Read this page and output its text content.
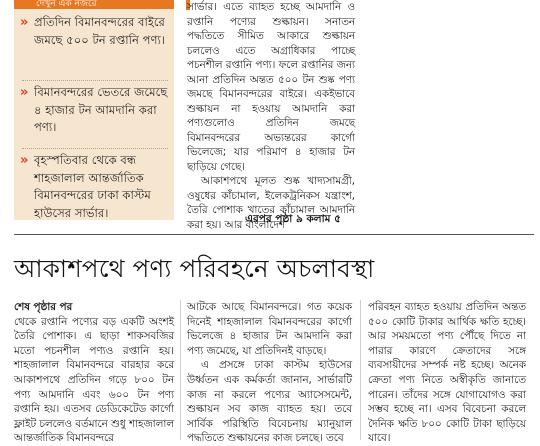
দেখুন এক নজরে
» প্রতিদিন বিমানবন্দরের বাইরে জমছে ৫০০ টন রপ্তানি পণ্য।
» বিমানবন্দরের ভেতরে জমেছে ৪ হাজার টন আমদানি করা পণ্য।
» বৃহস্পতিবার থেকে বন্ধ শাহজালাল আন্তর্জাতিক বিমানবন্দরের ঢাকা কাস্টম হাউসের সার্ভার।

সার্ভার। এতে ব্যাহত হচ্ছে আমদানি ও রপ্তানি পণ্যের শুল্কায়ন। সনাতন পদ্ধতিতে সীমিত আকারে শুল্কায়ন চললেও এতে অগ্রাধিকার পাচ্ছে পচনশীল রপ্তানি পণ্য। ফলে রপ্তানির জন্য আনা প্রতিদিন অন্তত ৫০০ টন শুষ্ক পণ্য জমছে বিমানবন্দরের বাইরে। একইভাবে শুল্কায়ন না হওয়ায় আমদানি করা পণ্যগুলোও প্রতিদিন জমছে বিমানবন্দরের অভ্যন্তরের কার্গো ভিলেজে; যার পরিমাণ ৪ হাজার টন ছাড়িয়ে গেছে।

আকাশপথে মূলত শুষ্ক খাদ্যসামগ্রী, ওষুধের কাঁচামাল, ইলেকট্রনিকস যন্ত্রাংশ, তৈরি পোশাক খাতের কাঁচামাল আমদানি করা হয়। আর বাংলাদেশ

এরপর পৃষ্ঠা ৯ কলাম ৫
আকাশপথে পণ্য পরিবহনে অচলাবস্থা
শেষ পৃষ্ঠার পর

থেকে রপ্তানি পণ্যের বড় একটি অংশই তৈরি পোশাক। এ ছাড়া শাকসবজির মতো পচনশীল পণ্যও রপ্তানি হয়। শাহজালাল বিমানবন্দরে বারহার করে আকাশপথে প্রতিদিন গড়ে ৮০০ টন পণ্য আমদানি এবং ৬০০ টন পণ্য রপ্তানি হয়। এতসব ডেডিকেটেড কার্গো ফ্লাইট চললেও বর্তমানে শুধু শাহজালাল আন্তর্জাতিক বিমানবন্দরে

আটকে আছে বিমানবন্দরে। গত কয়েক দিনেই শাহজালাল বিমানবন্দরের কার্গো ভিলেজে ৪ হাজার টন আমদানি করা পণ্য জমেছে, যা প্রতিদিনই বাড়ছে।

এ প্রসঙ্গে ঢাকা কাস্টম হাউসের উর্ধ্বতন এক কর্মকর্তা জানান, সার্ভারটি কাজ না করলে পণ্যের অ্যাসেসমেন্ট, শুল্কায়ন সব কাজ ব্যাহত হয়। তবে সার্বিক পরিস্থিতি বিবেচনায় ম্যানুয়াল পদ্ধতিতে শুল্কায়নের কাজ চলছে। তবে

পরিবহন ব্যাহত হওয়ায় প্রতিদিন অন্তত ৫০০ কোটি টাকার আর্থিক ক্ষতি হচ্ছে। আর সময়মতো পণ্য পৌঁছে দিতে না পারার কারণে ক্রেতাদের সঙ্গে ব্যবসায়ীদের সম্পর্ক নষ্ট হচ্ছে। অনেক ক্রেতা পণ্য নিতে অস্বীকৃতি জানাতে পারেন। তাঁদের সঙ্গে যোগাযোগও করা সম্ভব হচ্ছে না। এসব বিবেচনা করলে দৈনিক ক্ষতি ৮০০ কোটি টাকা ছাড়িয়ে যাবে।
